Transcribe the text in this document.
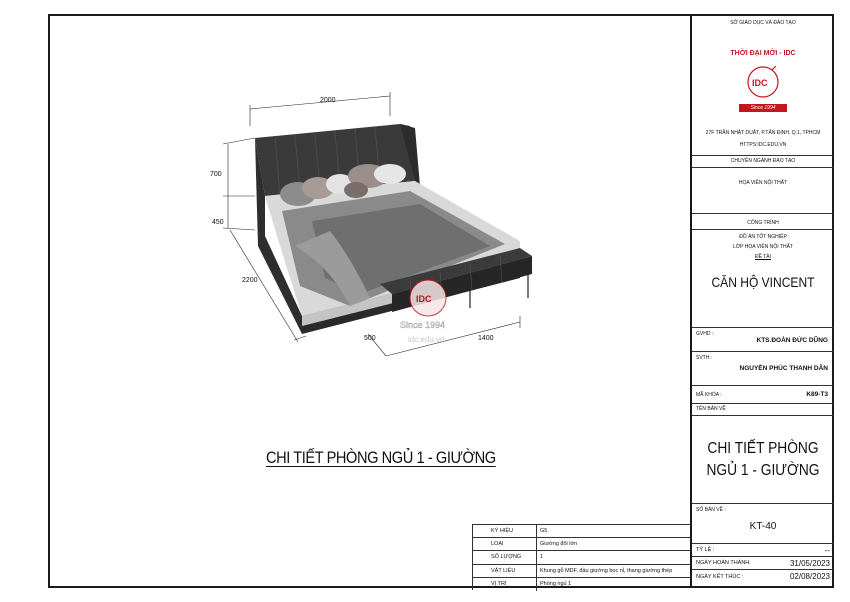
2000
700
450
2200
500	1400
IDC
Since 1994
idc.edu.vn
CHI TIẾT PHÒNG NGỦ 1 - GIƯỜNG
KÝ HIỆU	G5
LOẠI	Giường đôi lớn
SỐ LƯỢNG	1
VẬT LIỆU	Khung gỗ MDF, đầu giường bọc nỉ, thang giường thép
VỊ TRÍ	Phòng ngủ 1
SỞ GIÁO DỤC VÀ ĐÀO TẠO
THỜI ĐẠI MỚI - IDC
IDC
Since 1994
27F TRẦN NHẬT DUẬT, P.TÂN ĐỊNH, Q.1, TPHCM
HTTPS:IDC.EDU.VN
CHUYÊN NGÀNH ĐÀO TẠO
HỌA VIÊN NỘI THẤT
CÔNG TRÌNH
ĐỒ ÁN TỐT NGHIỆP
LỚP HỌA VIÊN NỘI THẤT
ĐỀ TÀI
CĂN HỘ VINCENT
GVHD :
KTS.ĐOÀN ĐỨC DŨNG
SVTH :
NGUYỄN PHÚC THANH DÂN
MÃ KHÓA :	K89-T3
TÊN BẢN VẼ
CHI TIẾT PHÒNG
NGỦ 1 - GIƯỜNG
SỐ BẢN VẼ :
KT-40
TỶ LỆ :	--
NGÀY HOÀN THÀNH:	31/05/2023
NGÀY KẾT THÚC :	02/08/2023
